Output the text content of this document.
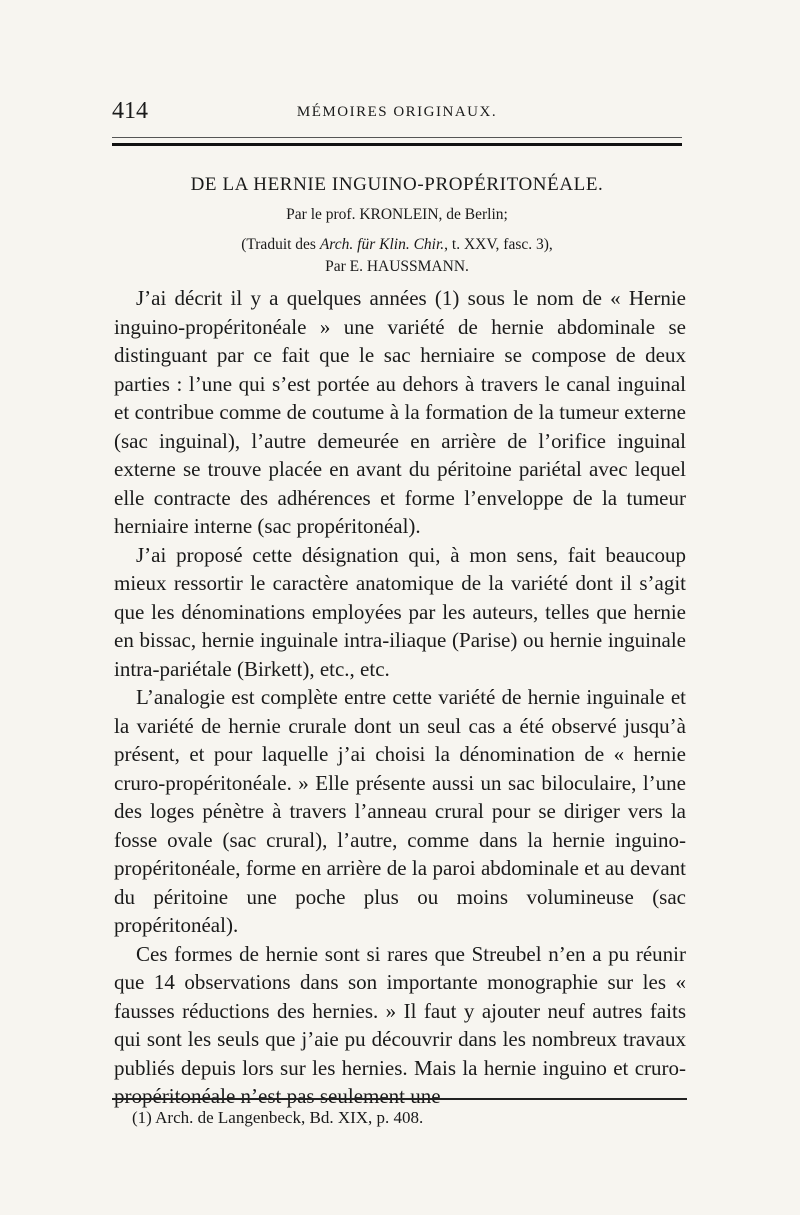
414	MÉMOIRES ORIGINAUX.
DE LA HERNIE INGUINO-PROPÉRITONÉALE.
Par le prof. KRONLEIN, de Berlin;
(Traduit des Arch. für Klin. Chir., t. XXV, fasc. 3),
Par E. HAUSSMANN.

J’ai décrit il y a quelques années (1) sous le nom de « Hernie inguino-propéritonéale » une variété de hernie abdominale se distinguant par ce fait que le sac herniaire se compose de deux parties : l’une qui s’est portée au dehors à travers le canal inguinal et contribue comme de coutume à la formation de la tumeur externe (sac inguinal), l’autre demeurée en arrière de l’orifice inguinal externe se trouve placée en avant du péritoine pariétal avec lequel elle contracte des adhérences et forme l’enveloppe de la tumeur herniaire interne (sac propéritonéal).

J’ai proposé cette désignation qui, à mon sens, fait beaucoup mieux ressortir le caractère anatomique de la variété dont il s’agit que les dénominations employées par les auteurs, telles que hernie en bissac, hernie inguinale intra-iliaque (Parise) ou hernie inguinale intra-pariétale (Birkett), etc., etc.

L’analogie est complète entre cette variété de hernie inguinale et la variété de hernie crurale dont un seul cas a été observé jusqu’à présent, et pour laquelle j’ai choisi la dénomination de « hernie cruro-propéritonéale. » Elle présente aussi un sac biloculaire, l’une des loges pénètre à travers l’anneau crural pour se diriger vers la fosse ovale (sac crural), l’autre, comme dans la hernie inguino-propéritonéale, forme en arrière de la paroi abdominale et au devant du péritoine une poche plus ou moins volumineuse (sac propéritonéal).

Ces formes de hernie sont si rares que Streubel n’en a pu réunir que 14 observations dans son importante monographie sur les « fausses réductions des hernies. » Il faut y ajouter neuf autres faits qui sont les seuls que j’aie pu découvrir dans les nombreux travaux publiés depuis lors sur les hernies. Mais la hernie inguino et cruro-propéritonéale n’est pas seulement une

(1) Arch. de Langenbeck, Bd. XIX, p. 408.
